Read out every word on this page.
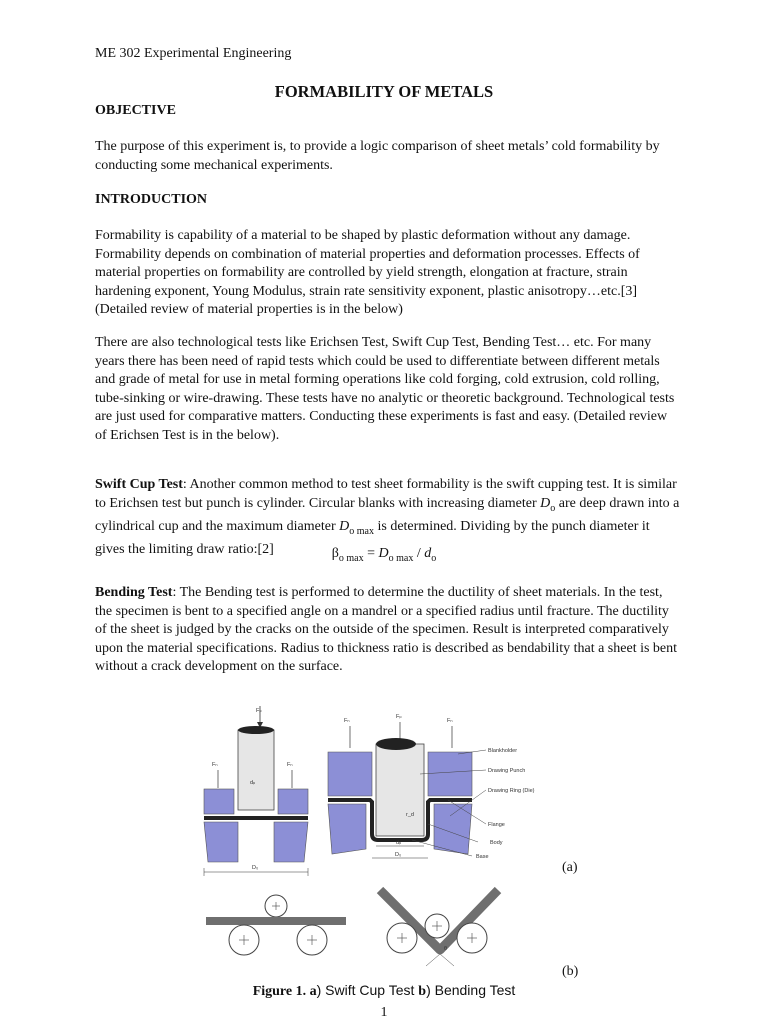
ME 302 Experimental Engineering
FORMABILITY OF METALS
OBJECTIVE
The purpose of this experiment is, to provide a logic comparison of sheet metals’ cold formability by conducting some mechanical experiments.
INTRODUCTION
Formability is capability of a material to be shaped by plastic deformation without any damage. Formability depends on combination of material properties and deformation processes. Effects of material properties on formability are controlled by yield strength, elongation at fracture, strain hardening exponent, Young Modulus, strain rate sensitivity exponent, plastic anisotropy…etc.[3](Detailed review of material properties is in the below)
There are also technological tests like Erichsen Test, Swift Cup Test, Bending Test… etc. For many years there has been need of rapid tests which could be used to differentiate between different metals and grade of metal for use in metal forming operations like cold forging, cold extrusion, cold rolling, tube-sinking or wire-drawing. These tests have no analytic or theoretic background. Technological tests are just used for comparative matters. Conducting these experiments is fast and easy. (Detailed review of Erichsen Test is in the below).
Swift Cup Test: Another common method to test sheet formability is the swift cupping test. It is similar to Erichsen test but punch is cylinder. Circular blanks with increasing diameter $D_o$ are deep drawn into a cylindrical cup and the maximum diameter $D_{o max}$ is determined. Dividing by the punch diameter it gives the limiting draw ratio:[2]	$\beta_{o max} = D_{o max} / d_o$
Bending Test: The Bending test is performed to determine the ductility of sheet materials. In the test, the specimen is bent to a specified angle on a mandrel or a specified radius until fracture. The ductility of the sheet is judged by the cracks on the outside of the specimen. Result is interpreted comparatively upon the material specifications. Radius to thickness ratio is described as bendability that a sheet is bent without a crack development on the surface.
Fₚ
dₚ
Fₙ	Fₙ
D₀
Fₙ
Fₚ
Fₙ
Blankholder
Drawing Punch
Drawing Ring (Die)
Flange
Body
Base
r_d
dₚ
D₀
θ
(a)
(b)
Figure 1. a) Swift Cup Test b) Bending Test
1
